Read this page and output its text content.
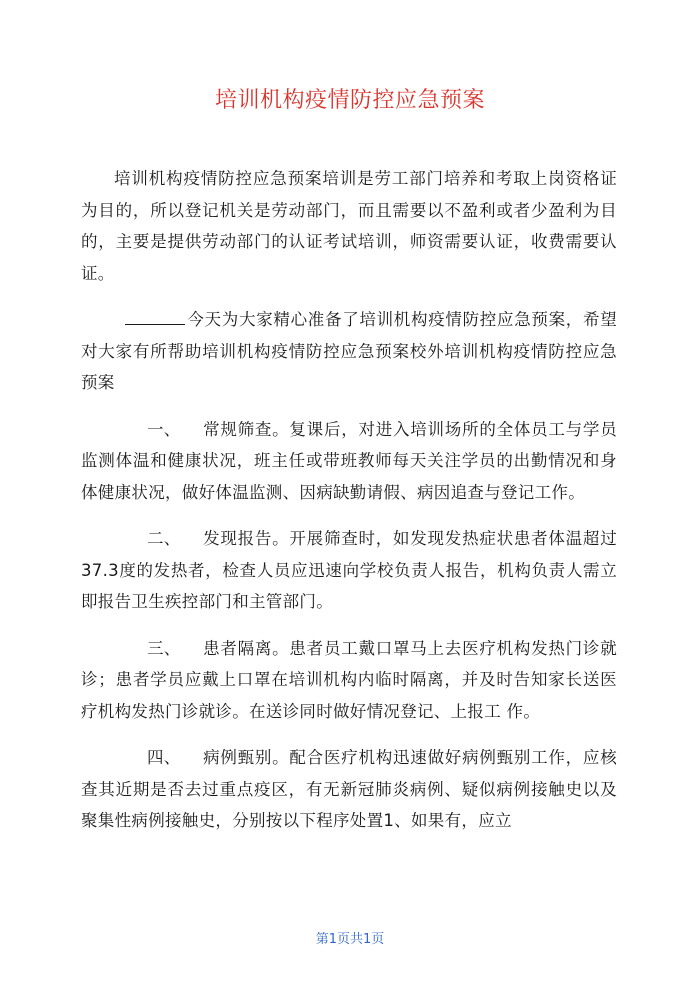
培训机构疫情防控应急预案

培训机构疫情防控应急预案培训是劳工部门培养和考取上岗资格证为目的，所以登记机关是劳动部门，而且需要以不盈利或者少盈利为目的，主要是提供劳动部门的认证考试培训，师资需要认证，收费需要认证。

今天为大家精心准备了培训机构疫情防控应急预案，希望对大家有所帮助培训机构疫情防控应急预案校外培训机构疫情防控应急预案

一、 常规筛查。复课后，对进入培训场所的全体员工与学员监测体温和健康状况，班主任或带班教师每天关注学员的出勤情况和身体健康状况，做好体温监测、因病缺勤请假、病因追查与登记工作。

二、 发现报告。开展筛查时，如发现发热症状患者体温超过37.3度的发热者，检查人员应迅速向学校负责人报告，机构负责人需立即报告卫生疾控部门和主管部门。

三、 患者隔离。患者员工戴口罩马上去医疗机构发热门诊就诊；患者学员应戴上口罩在培训机构内临时隔离，并及时告知家长送医疗机构发热门诊就诊。在送诊同时做好情况登记、上报工 作。

四、 病例甄别。配合医疗机构迅速做好病例甄别工作，应核查其近期是否去过重点疫区，有无新冠肺炎病例、疑似病例接触史以及聚集性病例接触史，分别按以下程序处置1、如果有，应立

第1页共1页
